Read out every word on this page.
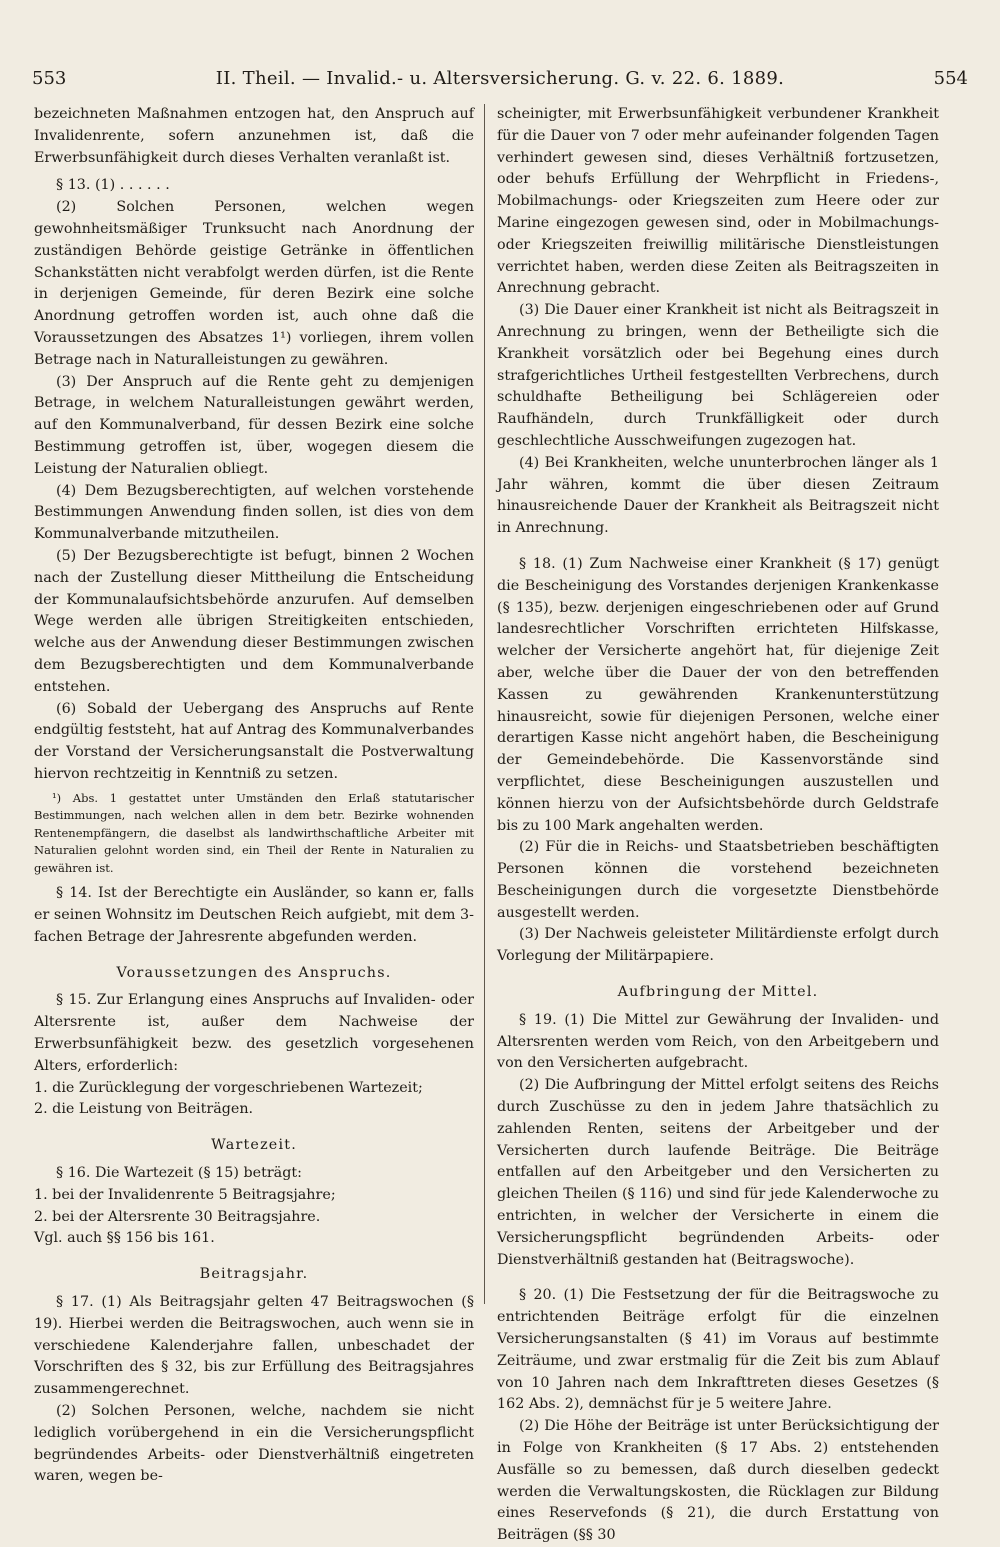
553	II. Theil. — Invalid.- u. Altersversicherung. G. v. 22. 6. 1889.	554

bezeichneten Maßnahmen entzogen hat, den Anspruch auf Invalidenrente, sofern anzunehmen ist, daß die Erwerbsunfähigkeit durch dieses Verhalten veranlaßt ist.

§ 13. (1) . . . . . .

(2) Solchen Personen, welchen wegen gewohnheitsmäßiger Trunksucht nach Anordnung der zuständigen Behörde geistige Getränke in öffentlichen Schankstätten nicht verabfolgt werden dürfen, ist die Rente in derjenigen Gemeinde, für deren Bezirk eine solche Anordnung getroffen worden ist, auch ohne daß die Voraussetzungen des Absatzes 1¹) vorliegen, ihrem vollen Betrage nach in Naturalleistungen zu gewähren.

(3) Der Anspruch auf die Rente geht zu demjenigen Betrage, in welchem Naturalleistungen gewährt werden, auf den Kommunalverband, für dessen Bezirk eine solche Bestimmung getroffen ist, über, wogegen diesem die Leistung der Naturalien obliegt.

(4) Dem Bezugsberechtigten, auf welchen vorstehende Bestimmungen Anwendung finden sollen, ist dies von dem Kommunalverbande mitzutheilen.

(5) Der Bezugsberechtigte ist befugt, binnen 2 Wochen nach der Zustellung dieser Mittheilung die Entscheidung der Kommunalaufsichtsbehörde anzurufen. Auf demselben Wege werden alle übrigen Streitigkeiten entschieden, welche aus der Anwendung dieser Bestimmungen zwischen dem Bezugsberechtigten und dem Kommunalverbande entstehen.

(6) Sobald der Uebergang des Anspruchs auf Rente endgültig feststeht, hat auf Antrag des Kommunalverbandes der Vorstand der Versicherungsanstalt die Postverwaltung hiervon rechtzeitig in Kenntniß zu setzen.

¹) Abs. 1 gestattet unter Umständen den Erlaß statutarischer Bestimmungen, nach welchen allen in dem betr. Bezirke wohnenden Rentenempfängern, die daselbst als landwirthschaftliche Arbeiter mit Naturalien gelohnt worden sind, ein Theil der Rente in Naturalien zu gewähren ist.

§ 14. Ist der Berechtigte ein Ausländer, so kann er, falls er seinen Wohnsitz im Deutschen Reich aufgiebt, mit dem 3-fachen Betrage der Jahresrente abgefunden werden.

Voraussetzungen des Anspruchs.

§ 15. Zur Erlangung eines Anspruchs auf Invaliden- oder Altersrente ist, außer dem Nachweise der Erwerbsunfähigkeit bezw. des gesetzlich vorgesehenen Alters, erforderlich:

1. die Zurücklegung der vorgeschriebenen Wartezeit;

2. die Leistung von Beiträgen.

Wartezeit.

§ 16. Die Wartezeit (§ 15) beträgt:

1. bei der Invalidenrente 5 Beitragsjahre;

2. bei der Altersrente 30 Beitragsjahre.

Vgl. auch §§ 156 bis 161.

Beitragsjahr.

§ 17. (1) Als Beitragsjahr gelten 47 Beitragswochen (§ 19). Hierbei werden die Beitragswochen, auch wenn sie in verschiedene Kalenderjahre fallen, unbeschadet der Vorschriften des § 32, bis zur Erfüllung des Beitragsjahres zusammengerechnet.

(2) Solchen Personen, welche, nachdem sie nicht lediglich vorübergehend in ein die Versicherungspflicht begründendes Arbeits- oder Dienstverhältniß eingetreten waren, wegen be-

scheinigter, mit Erwerbsunfähigkeit verbundener Krankheit für die Dauer von 7 oder mehr aufeinander folgenden Tagen verhindert gewesen sind, dieses Verhältniß fortzusetzen, oder behufs Erfüllung der Wehrpflicht in Friedens-, Mobilmachungs- oder Kriegszeiten zum Heere oder zur Marine eingezogen gewesen sind, oder in Mobilmachungs- oder Kriegszeiten freiwillig militärische Dienstleistungen verrichtet haben, werden diese Zeiten als Beitragszeiten in Anrechnung gebracht.

(3) Die Dauer einer Krankheit ist nicht als Beitragszeit in Anrechnung zu bringen, wenn der Betheiligte sich die Krankheit vorsätzlich oder bei Begehung eines durch strafgerichtliches Urtheil festgestellten Verbrechens, durch schuldhafte Betheiligung bei Schlägereien oder Raufhändeln, durch Trunkfälligkeit oder durch geschlechtliche Ausschweifungen zugezogen hat.

(4) Bei Krankheiten, welche ununterbrochen länger als 1 Jahr währen, kommt die über diesen Zeitraum hinausreichende Dauer der Krankheit als Beitragszeit nicht in Anrechnung.

§ 18. (1) Zum Nachweise einer Krankheit (§ 17) genügt die Bescheinigung des Vorstandes derjenigen Krankenkasse (§ 135), bezw. derjenigen eingeschriebenen oder auf Grund landesrechtlicher Vorschriften errichteten Hilfskasse, welcher der Versicherte angehört hat, für diejenige Zeit aber, welche über die Dauer der von den betreffenden Kassen zu gewährenden Krankenunterstützung hinausreicht, sowie für diejenigen Personen, welche einer derartigen Kasse nicht angehört haben, die Bescheinigung der Gemeindebehörde. Die Kassenvorstände sind verpflichtet, diese Bescheinigungen auszustellen und können hierzu von der Aufsichtsbehörde durch Geldstrafe bis zu 100 Mark angehalten werden.

(2) Für die in Reichs- und Staatsbetrieben beschäftigten Personen können die vorstehend bezeichneten Bescheinigungen durch die vorgesetzte Dienstbehörde ausgestellt werden.

(3) Der Nachweis geleisteter Militärdienste erfolgt durch Vorlegung der Militärpapiere.

Aufbringung der Mittel.

§ 19. (1) Die Mittel zur Gewährung der Invaliden- und Altersrenten werden vom Reich, von den Arbeitgebern und von den Versicherten aufgebracht.

(2) Die Aufbringung der Mittel erfolgt seitens des Reichs durch Zuschüsse zu den in jedem Jahre thatsächlich zu zahlenden Renten, seitens der Arbeitgeber und der Versicherten durch laufende Beiträge. Die Beiträge entfallen auf den Arbeitgeber und den Versicherten zu gleichen Theilen (§ 116) und sind für jede Kalenderwoche zu entrichten, in welcher der Versicherte in einem die Versicherungspflicht begründenden Arbeits- oder Dienstverhältniß gestanden hat (Beitragswoche).

§ 20. (1) Die Festsetzung der für die Beitragswoche zu entrichtenden Beiträge erfolgt für die einzelnen Versicherungsanstalten (§ 41) im Voraus auf bestimmte Zeiträume, und zwar erstmalig für die Zeit bis zum Ablauf von 10 Jahren nach dem Inkrafttreten dieses Gesetzes (§ 162 Abs. 2), demnächst für je 5 weitere Jahre.

(2) Die Höhe der Beiträge ist unter Berücksichtigung der in Folge von Krankheiten (§ 17 Abs. 2) entstehenden Ausfälle so zu bemessen, daß durch dieselben gedeckt werden die Verwaltungskosten, die Rücklagen zur Bildung eines Reservefonds (§ 21), die durch Erstattung von Beiträgen (§§ 30
